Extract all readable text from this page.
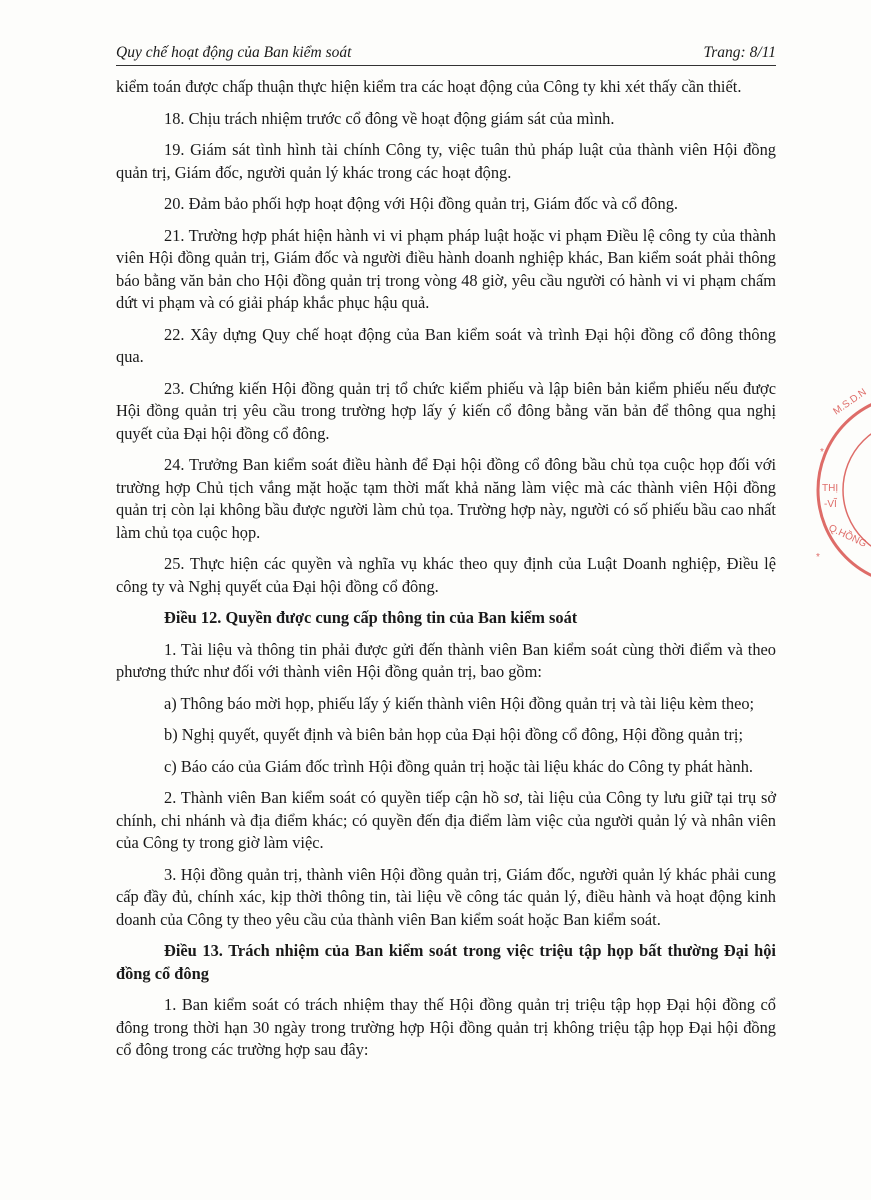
Quy chế hoạt động của Ban kiểm soát	Trang: 8/11

kiểm toán được chấp thuận thực hiện kiểm tra các hoạt động của Công ty khi xét thấy cần thiết.

18. Chịu trách nhiệm trước cổ đông về hoạt động giám sát của mình.

19. Giám sát tình hình tài chính Công ty, việc tuân thủ pháp luật của thành viên Hội đồng quản trị, Giám đốc, người quản lý khác trong các hoạt động.

20. Đảm bảo phối hợp hoạt động với Hội đồng quản trị, Giám đốc và cổ đông.

21. Trường hợp phát hiện hành vi vi phạm pháp luật hoặc vi phạm Điều lệ công ty của thành viên Hội đồng quản trị, Giám đốc và người điều hành doanh nghiệp khác, Ban kiểm soát phải thông báo bằng văn bản cho Hội đồng quản trị trong vòng 48 giờ, yêu cầu người có hành vi vi phạm chấm dứt vi phạm và có giải pháp khắc phục hậu quả.

22. Xây dựng Quy chế hoạt động của Ban kiểm soát và trình Đại hội đồng cổ đông thông qua.

23. Chứng kiến Hội đồng quản trị tổ chức kiểm phiếu và lập biên bản kiểm phiếu nếu được Hội đồng quản trị yêu cầu trong trường hợp lấy ý kiến cổ đông bằng văn bản để thông qua nghị quyết của Đại hội đồng cổ đông.

24. Trưởng Ban kiểm soát điều hành để Đại hội đồng cổ đông bầu chủ tọa cuộc họp đối với trường hợp Chủ tịch vắng mặt hoặc tạm thời mất khả năng làm việc mà các thành viên Hội đồng quản trị còn lại không bầu được người làm chủ tọa. Trường hợp này, người có số phiếu bầu cao nhất làm chủ tọa cuộc họp.

25. Thực hiện các quyền và nghĩa vụ khác theo quy định của Luật Doanh nghiệp, Điều lệ công ty và Nghị quyết của Đại hội đồng cổ đông.

Điều 12. Quyền được cung cấp thông tin của Ban kiểm soát

1. Tài liệu và thông tin phải được gửi đến thành viên Ban kiểm soát cùng thời điểm và theo phương thức như đối với thành viên Hội đồng quản trị, bao gồm:

a) Thông báo mời họp, phiếu lấy ý kiến thành viên Hội đồng quản trị và tài liệu kèm theo;

b) Nghị quyết, quyết định và biên bản họp của Đại hội đồng cổ đông, Hội đồng quản trị;

c) Báo cáo của Giám đốc trình Hội đồng quản trị hoặc tài liệu khác do Công ty phát hành.

2. Thành viên Ban kiểm soát có quyền tiếp cận hồ sơ, tài liệu của Công ty lưu giữ tại trụ sở chính, chi nhánh và địa điểm khác; có quyền đến địa điểm làm việc của người quản lý và nhân viên của Công ty trong giờ làm việc.

3. Hội đồng quản trị, thành viên Hội đồng quản trị, Giám đốc, người quản lý khác phải cung cấp đầy đủ, chính xác, kịp thời thông tin, tài liệu về công tác quản lý, điều hành và hoạt động kinh doanh của Công ty theo yêu cầu của thành viên Ban kiểm soát hoặc Ban kiểm soát.

Điều 13. Trách nhiệm của Ban kiểm soát trong việc triệu tập họp bất thường Đại hội đồng cổ đông

1. Ban kiểm soát có trách nhiệm thay thế Hội đồng quản trị triệu tập họp Đại hội đồng cổ đông trong thời hạn 30 ngày trong trường hợp Hội đồng quản trị không triệu tập họp Đại hội đồng cổ đông trong các trường hợp sau đây:

M.S.D.N
*
THỊ
-VĨ
Q.HỒNG
*
